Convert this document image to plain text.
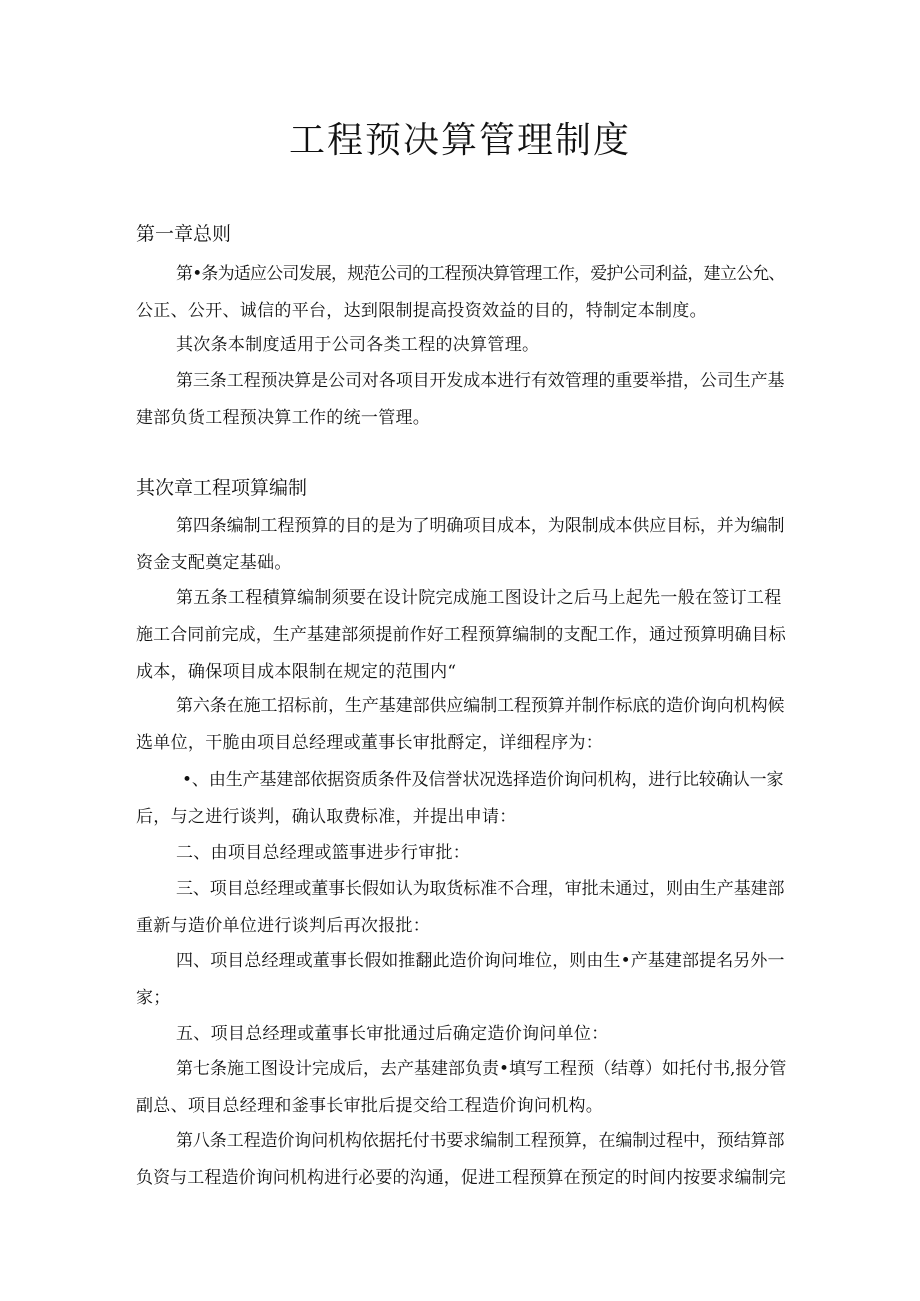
工程预决算管理制度
第一章总则
第•条为适应公司发展，规范公司的工程预决算管理工作，爱护公司利益，建立公允、
公正、公开、诚信的平台，达到限制提高投资效益的目的，特制定本制度。
其次条本制度适用于公司各类工程的决算管理。
第三条工程预决算是公司对各项目开发成本进行有效管理的重要举措，公司生产基
建部负货工程预决算工作的统一管理。
其次章工程项算编制
第四条编制工程预算的目的是为了明确项目成本，为限制成本供应目标，并为编制
资金支配奠定基础。
第五条工程積算编制须要在设计院完成施工图设计之后马上起先一般在签订工程
施工合同前完成，生产基建部须提前作好工程预算编制的支配工作，通过预算明确目标
成本，确保项目成本限制在规定的范围内“
第六条在施工招标前，生产基建部供应编制工程预算并制作标底的造价询向机构候
选单位，干脆由项目总经理或董事长审批酹定，详细程序为：
•、由生产基建部依据资质条件及信誉状况选择造价询问机构，进行比较确认一家
后，与之进行谈判，确认取费标准，并提出申请：
二、由项目总经理或篮事进步行审批：
三、项目总经理或董事长假如认为取货标准不合理，审批未通过，则由生产基建部
重新与造价单位进行谈判后再次报批：
四、项目总经理或董事长假如推翻此造价询问堆位，则由生•产基建部提名另外一
家；
五、项目总经理或董事长审批通过后确定造价询问单位：
第七条施工图设计完成后，去产基建部负责•填写工程预（结尊）如托付书,报分管
副总、项目总经理和釜事长审批后提交给工程造价询问机构。
第八条工程造价询问机构依据托付书要求编制工程预算，在编制过程中，预结算部
负资与工程造价询问机构进行必要的沟通，促进工程预算在预定的时间内按要求编制完
